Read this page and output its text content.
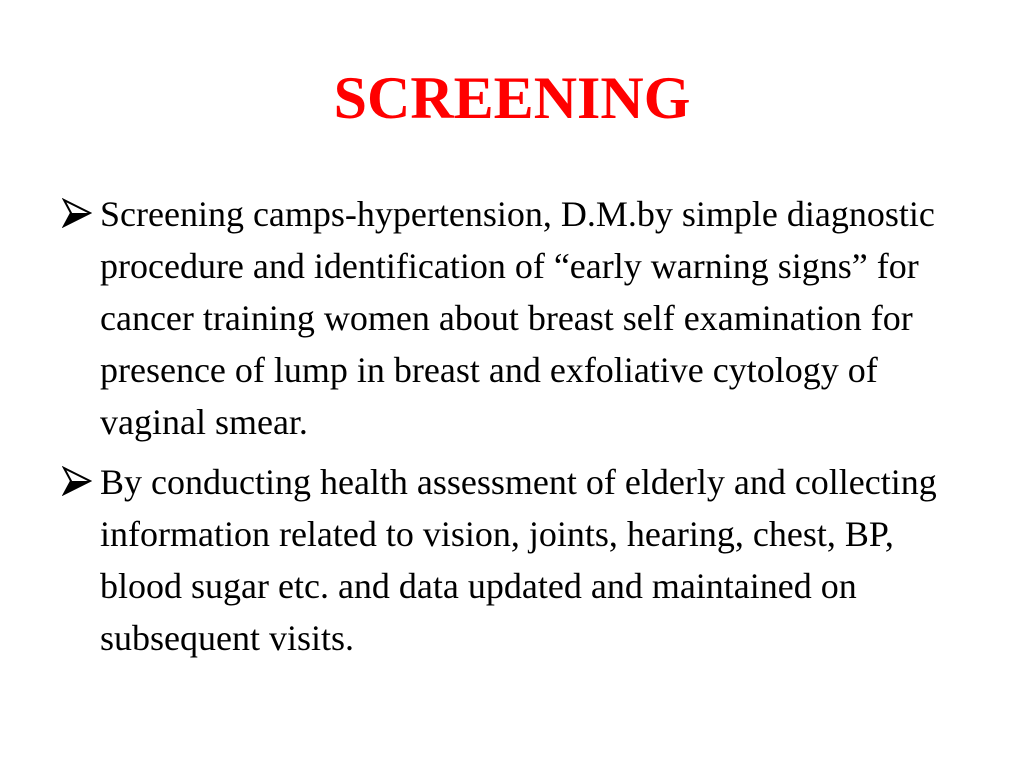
SCREENING
Screening camps-hypertension, D.M.by simple diagnostic procedure and identification of “early warning signs” for cancer training women about breast self examination for presence of lump in breast and exfoliative cytology of vaginal smear.
By conducting health assessment of elderly and collecting information related to vision, joints, hearing, chest, BP, blood sugar etc. and data updated and maintained on subsequent visits.
